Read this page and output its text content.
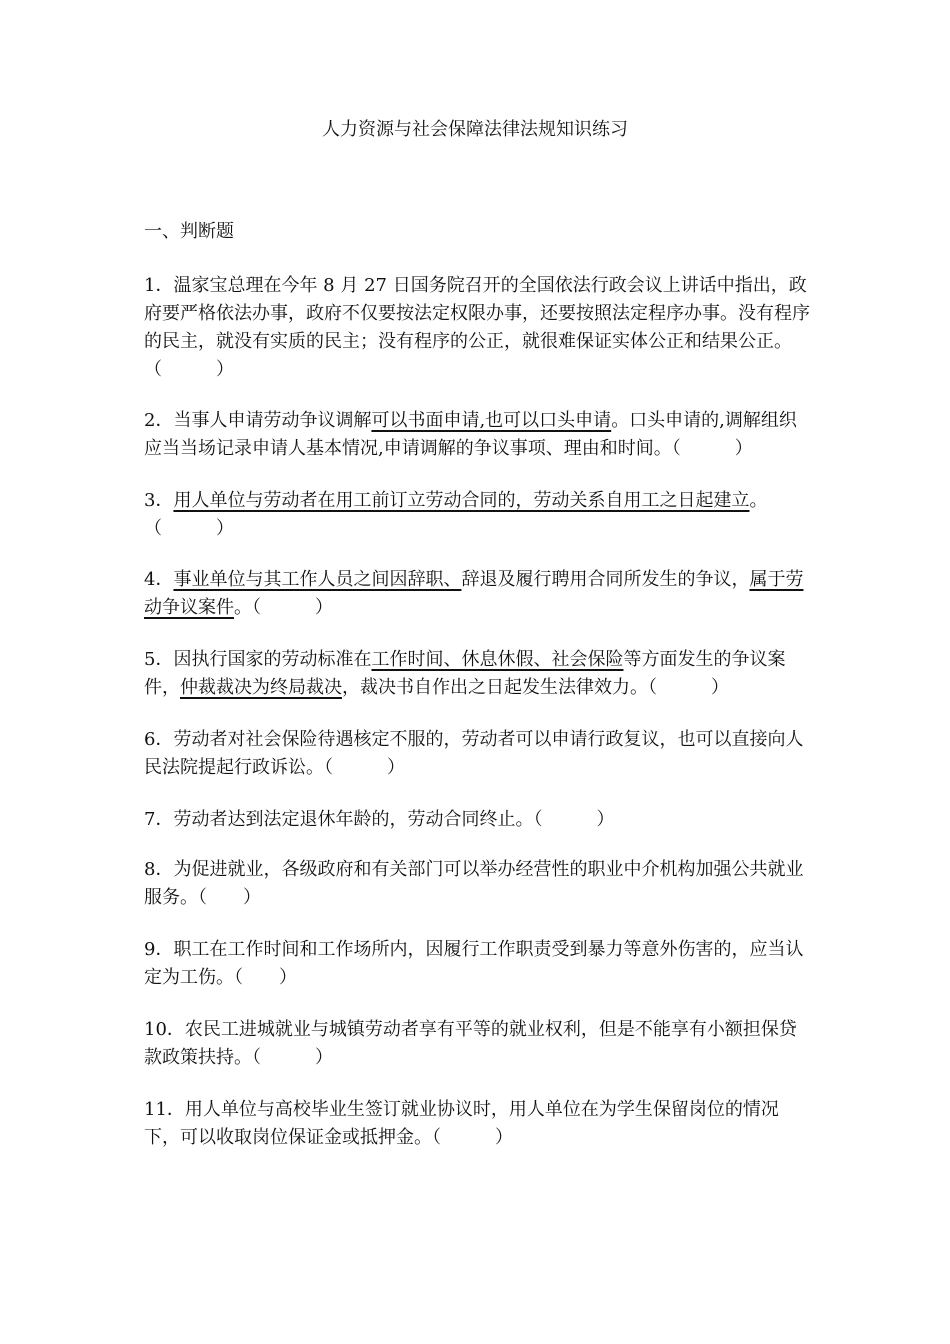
人力资源与社会保障法律法规知识练习
一、判断题
1．温家宝总理在今年 8 月 27 日国务院召开的全国依法行政会议上讲话中指出，政府要严格依法办事，政府不仅要按法定权限办事，还要按照法定程序办事。没有程序的民主，就没有实质的民主；没有程序的公正，就很难保证实体公正和结果公正。（　　　）
2．当事人申请劳动争议调解可以书面申请,也可以口头申请。口头申请的,调解组织应当当场记录申请人基本情况,申请调解的争议事项、理由和时间。（　　　）
3．用人单位与劳动者在用工前订立劳动合同的，劳动关系自用工之日起建立。（　　　）
4．事业单位与其工作人员之间因辞职、辞退及履行聘用合同所发生的争议，属于劳动争议案件。（　　　）
5．因执行国家的劳动标准在工作时间、休息休假、社会保险等方面发生的争议案件，仲裁裁决为终局裁决，裁决书自作出之日起发生法律效力。（　　　）
6．劳动者对社会保险待遇核定不服的，劳动者可以申请行政复议，也可以直接向人民法院提起行政诉讼。（　　　）
7．劳动者达到法定退休年龄的，劳动合同终止。（　　　）
8．为促进就业，各级政府和有关部门可以举办经营性的职业中介机构加强公共就业服务。（　　）
9．职工在工作时间和工作场所内，因履行工作职责受到暴力等意外伤害的，应当认定为工伤。（　　）
10．农民工进城就业与城镇劳动者享有平等的就业权利，但是不能享有小额担保贷款政策扶持。（　　　）
11．用人单位与高校毕业生签订就业协议时，用人单位在为学生保留岗位的情况下，可以收取岗位保证金或抵押金。（　　　）
